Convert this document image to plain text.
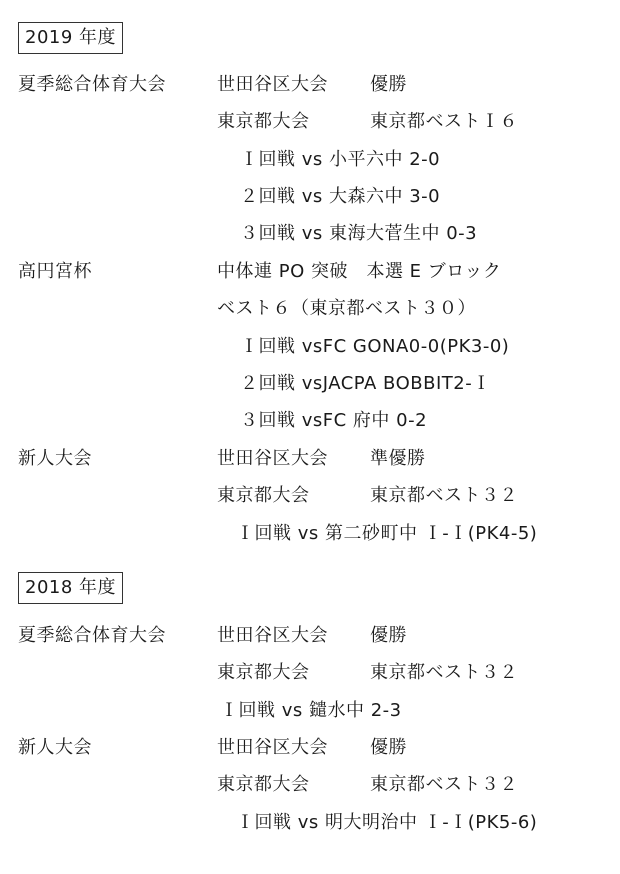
2019 年度
夏季総合体育大会	世田谷区大会 優勝
東京都大会	東京都ベストＩ６
Ｉ回戦 vs 小平六中 2-0
２回戦 vs 大森六中 3-0
３回戦 vs 東海大菅生中 0-3
高円宮杯	中体連 PO 突破　本選 E ブロック
ベスト６（東京都ベスト３０）
Ｉ回戦 vsFC GONA0-0(PK3-0)
２回戦 vsJACPA BOBBIT2-Ｉ
３回戦 vsFC 府中 0-2
新人大会	世田谷区大会 準優勝
東京都大会	東京都ベスト３２
Ｉ回戦 vs 第二砂町中 Ｉ-Ｉ(PK4-5)
2018 年度
夏季総合体育大会	世田谷区大会 優勝
東京都大会	東京都ベスト３２
Ｉ回戦 vs 鑓水中 2-3
新人大会	世田谷区大会 優勝
東京都大会	東京都ベスト３２
Ｉ回戦 vs 明大明治中 Ｉ-Ｉ(PK5-6)
